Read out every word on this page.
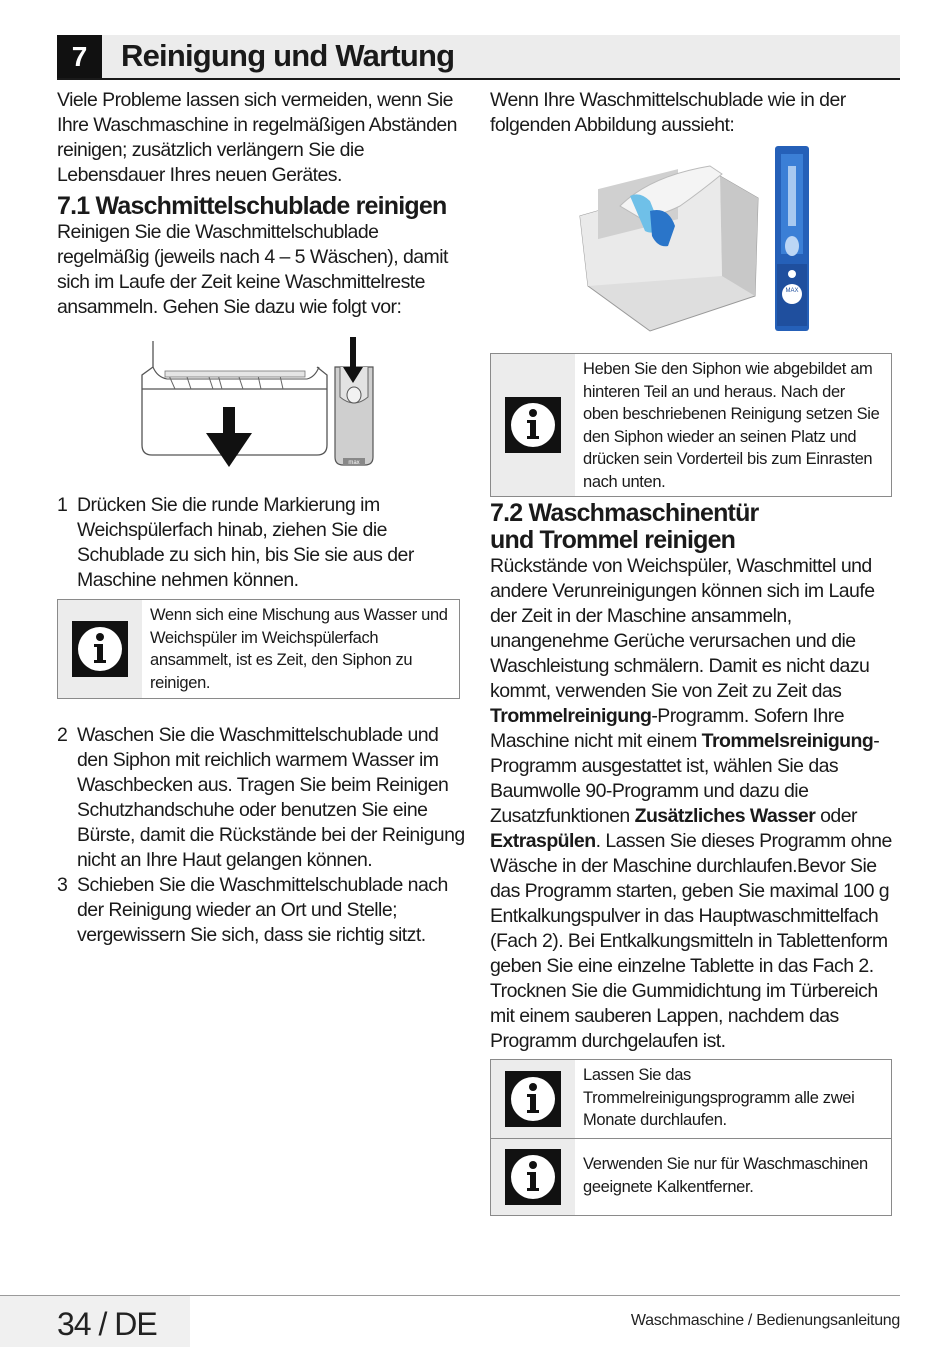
7	Reinigung und Wartung

Viele Probleme lassen sich vermeiden, wenn Sie Ihre Waschmaschine in regelmäßigen Abständen reinigen; zusätzlich verlängern Sie die Lebensdauer Ihres neuen Gerätes.

7.1 Waschmittelschublade reinigen

Reinigen Sie die Waschmittelschublade regelmäßig (jeweils nach 4 – 5 Wäschen), damit sich im Laufe der Zeit keine Waschmittelreste ansammeln. Gehen Sie dazu wie folgt vor:

max
1 Drücken Sie die runde Markierung im Weichspülerfach hinab, ziehen Sie die Schublade zu sich hin, bis Sie sie aus der Maschine nehmen können.
Wenn sich eine Mischung aus Wasser und Weichspüler im Weichspülerfach ansammelt, ist es Zeit, den Siphon zu reinigen.
2 Waschen Sie die Waschmittelschublade und den Siphon mit reichlich warmem Wasser im Waschbecken aus. Tragen Sie beim Reinigen Schutzhandschuhe oder benutzen Sie eine Bürste, damit die Rückstände bei der Reinigung nicht an Ihre Haut gelangen können.
3 Schieben Sie die Waschmittelschublade nach der Reinigung wieder an Ort und Stelle; vergewissern Sie sich, dass sie richtig sitzt.

Wenn Ihre Waschmittelschublade wie in der folgenden Abbildung aussieht:

MAX
Heben Sie den Siphon wie abgebildet am hinteren Teil an und heraus. Nach der oben beschriebenen Reinigung setzen Sie den Siphon wieder an seinen Platz und drücken sein Vorderteil bis zum Einrasten nach unten.
7.2 Waschmaschinentür
und Trommel reinigen

Rückstände von Weichspüler, Waschmittel und andere Verunreinigungen können sich im Laufe der Zeit in der Maschine ansammeln, unangenehme Gerüche verursachen und die Waschleistung schmälern. Damit es nicht dazu kommt, verwenden Sie von Zeit zu Zeit das Trommelreinigung-Programm. Sofern Ihre Maschine nicht mit einem Trommelsreinigung-Programm ausgestattet ist, wählen Sie das Baumwolle 90-Programm und dazu die Zusatzfunktionen Zusätzliches Wasser oder Extraspülen. Lassen Sie dieses Programm ohne Wäsche in der Maschine durchlaufen.Bevor Sie das Programm starten, geben Sie maximal 100 g Entkalkungspulver in das Hauptwaschmittelfach (Fach 2). Bei Entkalkungsmitteln in Tablettenform geben Sie eine einzelne Tablette in das Fach 2. Trocknen Sie die Gummidichtung im Türbereich mit einem sauberen Lappen, nachdem das Programm durchgelaufen ist.

Lassen Sie das Trommelreinigungsprogramm alle zwei Monate durchlaufen.
Verwenden Sie nur für Waschmaschinen geeignete Kalkentferner.
34 / DE	Waschmaschine / Bedienungsanleitung
